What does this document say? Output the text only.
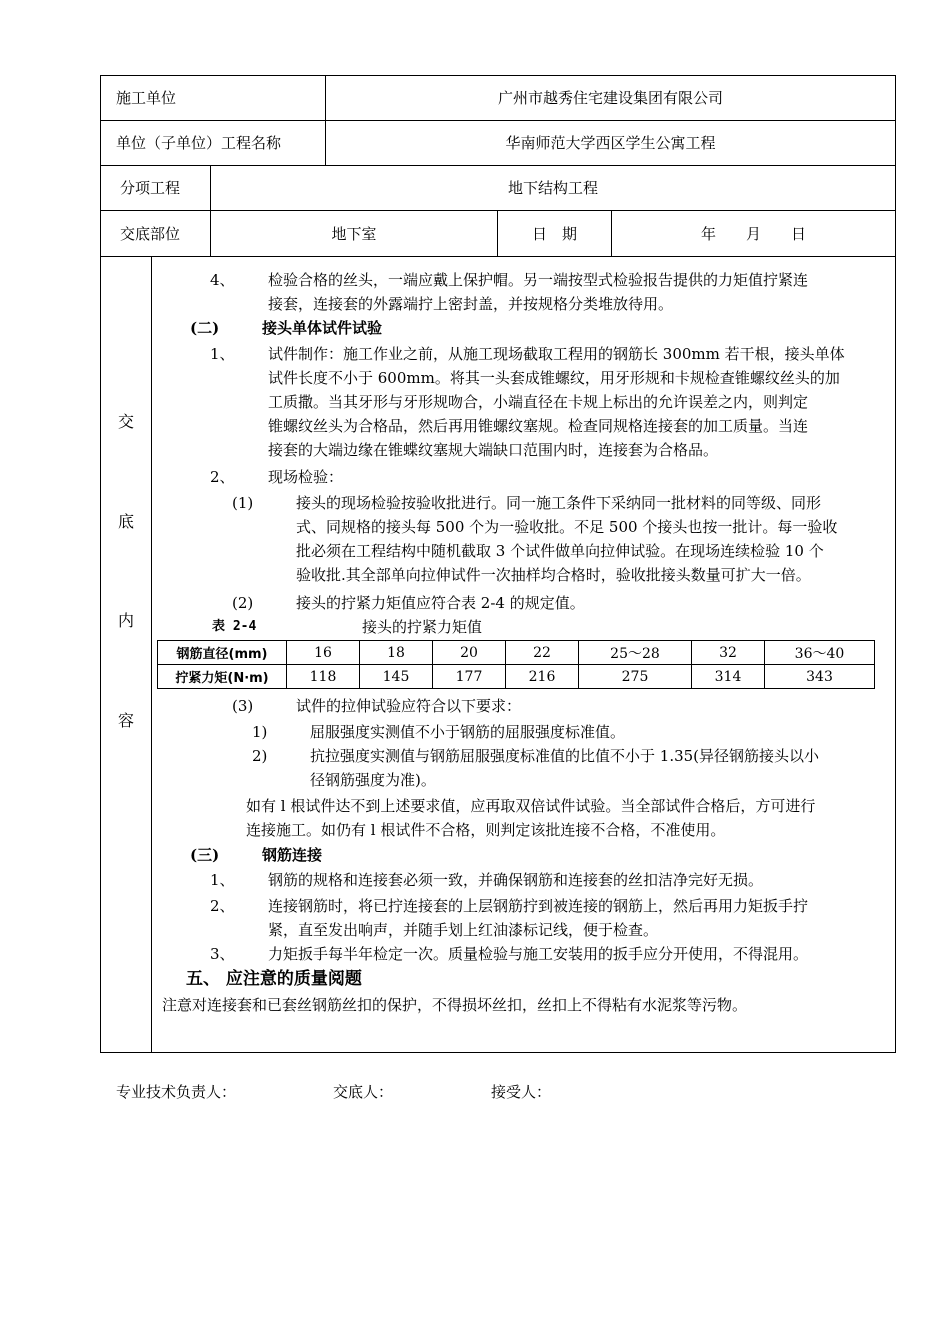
施工单位	广州市越秀住宅建设集团有限公司
单位（子单位）工程名称	华南师范大学西区学生公寓工程
分项工程	地下结构工程
交底部位	地下室	日　期	年　　月　　日
交
底
内
容
4、 检验合格的丝头，一端应戴上保护帽。另一端按型式检验报告提供的力矩值拧紧连
接套，连接套的外露端拧上密封盖，并按规格分类堆放待用。
(二)	接头单体试件试验
1、 试件制作：施工作业之前，从施工现场截取工程用的钢筋长 300mm 若干根，接头单体
试件长度不小于 600mm。将其一头套成锥螺纹，用牙形规和卡规检查锥螺纹丝头的加
工质撒。当其牙形与牙形规吻合，小端直径在卡规上标出的允许误差之内，则判定
锥螺纹丝头为合格品，然后再用锥螺纹塞规。检查同规格连接套的加工质量。当连
接套的大端边缘在锥蝶纹塞规大端缺口范围内时，连接套为合格品。
2、 现场检验：
(1)	接头的现场检验按验收批进行。同一施工条件下采纳同一批材料的同等级、同形
式、同规格的接头每 500 个为一验收批。不足 500 个接头也按一批计。每一验收
批必须在工程结构中随机截取 3 个试件做单向拉伸试验。在现场连续检验 10 个
验收批.其全部单向拉伸试件一次抽样均合格时，验收批接头数量可扩大一倍。
(2)	接头的拧紧力矩值应符合表 2-4 的规定值。
表 2-4	接头的拧紧力矩值
钢筋直径(mm)	16	18	20	22	25～28	32	36～40
拧紧力矩(N·m)	118	145	177	216	275	314	343
(3)	试件的拉伸试验应符合以下要求：
1)	屈服强度实测值不小于钢筋的屈服强度标准值。
2)	抗拉强度实测值与钢筋屈服强度标准值的比值不小于 1.35(异径钢筋接头以小
径钢筋强度为准)。
如有 l 根试件达不到上述要求值，应再取双倍试件试验。当全部试件合格后，方可进行
连接施工。如仍有 l 根试件不合格，则判定该批连接不合格，不准使用。
(三)	钢筋连接
1、 钢筋的规格和连接套必须一致，并确保钢筋和连接套的丝扣洁净完好无损。
2、 连接钢筋时，将已拧连接套的上层钢筋拧到被连接的钢筋上，然后再用力矩扳手拧
紧，直至发出响声，并随手划上红油漆标记线，便于检查。
3、 力矩扳手每半年检定一次。质量检验与施工安装用的扳手应分开使用，不得混用。
五、 应注意的质量阅题
注意对连接套和已套丝钢筋丝扣的保护，不得损坏丝扣，丝扣上不得粘有水泥浆等污物。
专业技术负责人：	交底人：	接受人：
